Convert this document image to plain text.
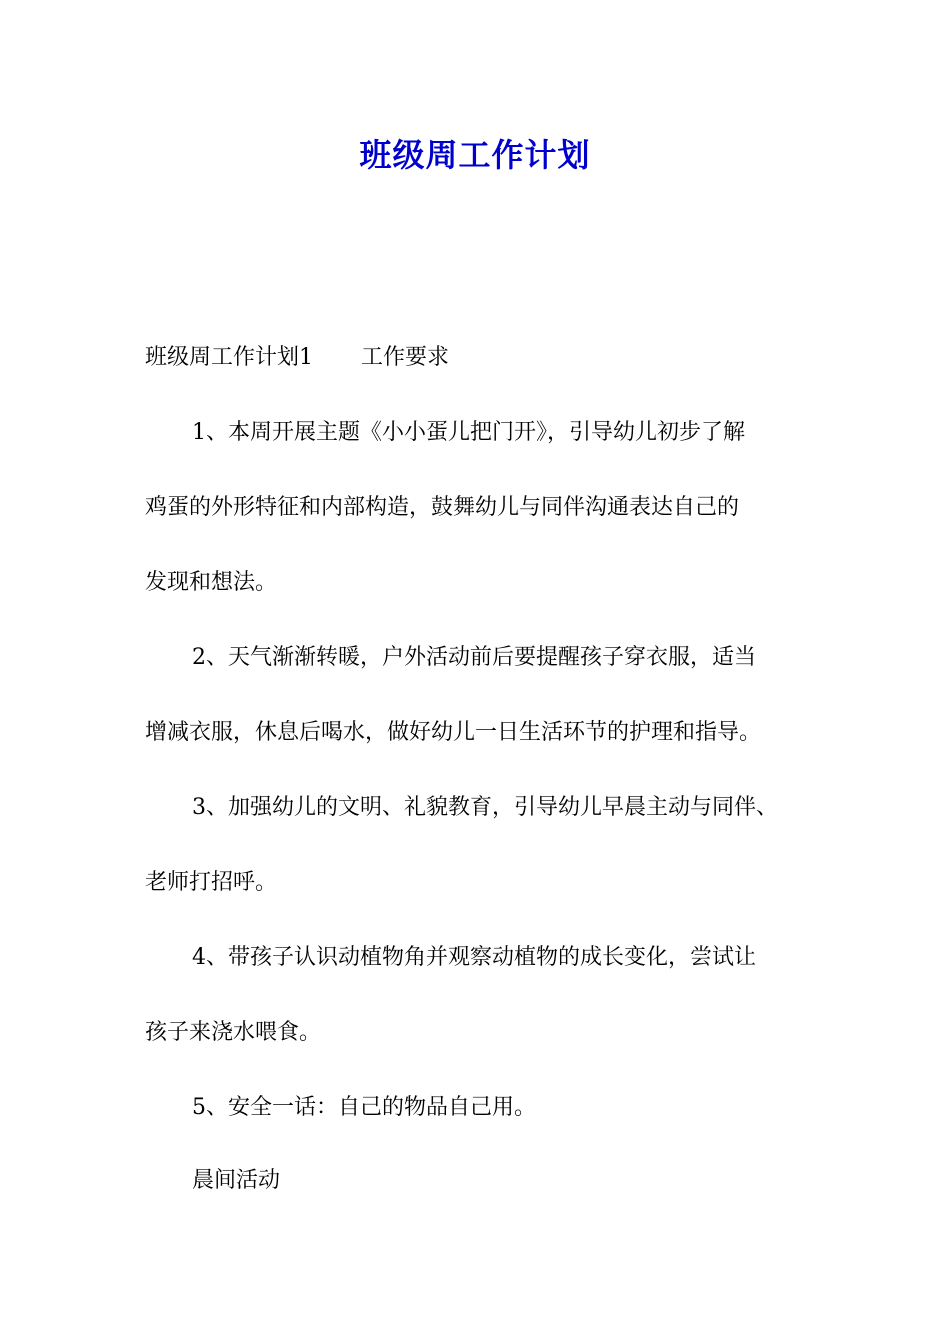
班级周工作计划

班级周工作计划1 工作要求

1、本周开展主题《小小蛋儿把门开》，引导幼儿初步了解

鸡蛋的外形特征和内部构造，鼓舞幼儿与同伴沟通表达自己的

发现和想法。

2、天气渐渐转暖，户外活动前后要提醒孩子穿衣服，适当

增减衣服，休息后喝水，做好幼儿一日生活环节的护理和指导。

3、加强幼儿的文明、礼貌教育，引导幼儿早晨主动与同伴、

老师打招呼。

4、带孩子认识动植物角并观察动植物的成长变化，尝试让

孩子来浇水喂食。

5、安全一话：自己的物品自己用。

晨间活动
